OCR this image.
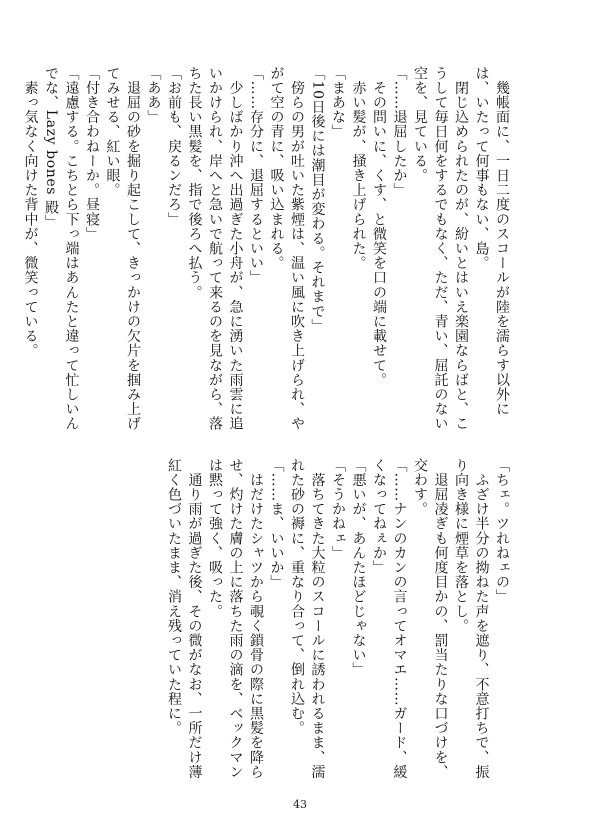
　幾帳面に、一日二度のスコールが陸を濡らす以外には、いたって何事もない、島。

　閉じ込められたのが、紛いとはいえ楽園ならばと、こうして毎日何をするでもなく、ただ、青い、屈託のない空を、見ている。

「……退屈したか」

　その問いに、くす、と微笑を口の端に載せて。

　赤い髪が、掻き上げられた。

「まあな」

「10日後には潮目が変わる。それまで」

　傍らの男が吐いた紫煙は、温い風に吹き上げられ、やがて空の青に、吸い込まれる。

「……存分に、退屈するといい」

　少しばかり沖へ出過ぎた小舟が、急に湧いた雨雲に追いかけられ、岸へと急いで航って来るのを見ながら、落ちた長い黒髪を、指で後ろへ払う。

「お前も、戻るンだろ」

「ああ」

　退屈の砂を掘り起こして、きっかけの欠片を掴み上げてみせる、紅い眼。

「付き合わねーか。昼寝」

「遠慮する。こちとら下っ端はあんたと違って忙しいんでな、Lazy bones 殿」

　素っ気なく向けた背中が、微笑っている。

「ちェ。ツれねェの」

　ふざけ半分の拗ねた声を遮り、不意打ちで、振り向き様に煙草を落とし。

　退屈凌ぎも何度目かの、罰当たりな口づけを、交わす。

「……ナンのカンの言ってオマエ……ガード、緩くなってねぇか」

「悪いが、あんたほどじゃない」

「そうかねェ」

　落ちてきた大粒のスコールに誘われるまま、濡れた砂の褥に、重なり合って、倒れ込む。

「……ま、いいか」

　はだけたシャツから覗く鎖骨の際に黒髪を降らせ、灼けた膚の上に落ちた雨の滴を、ベックマンは黙って強く、吸った。

　通り雨が過ぎた後、その微がなお、一所だけ薄紅く色づいたまま、消え残っていた程に。

43
